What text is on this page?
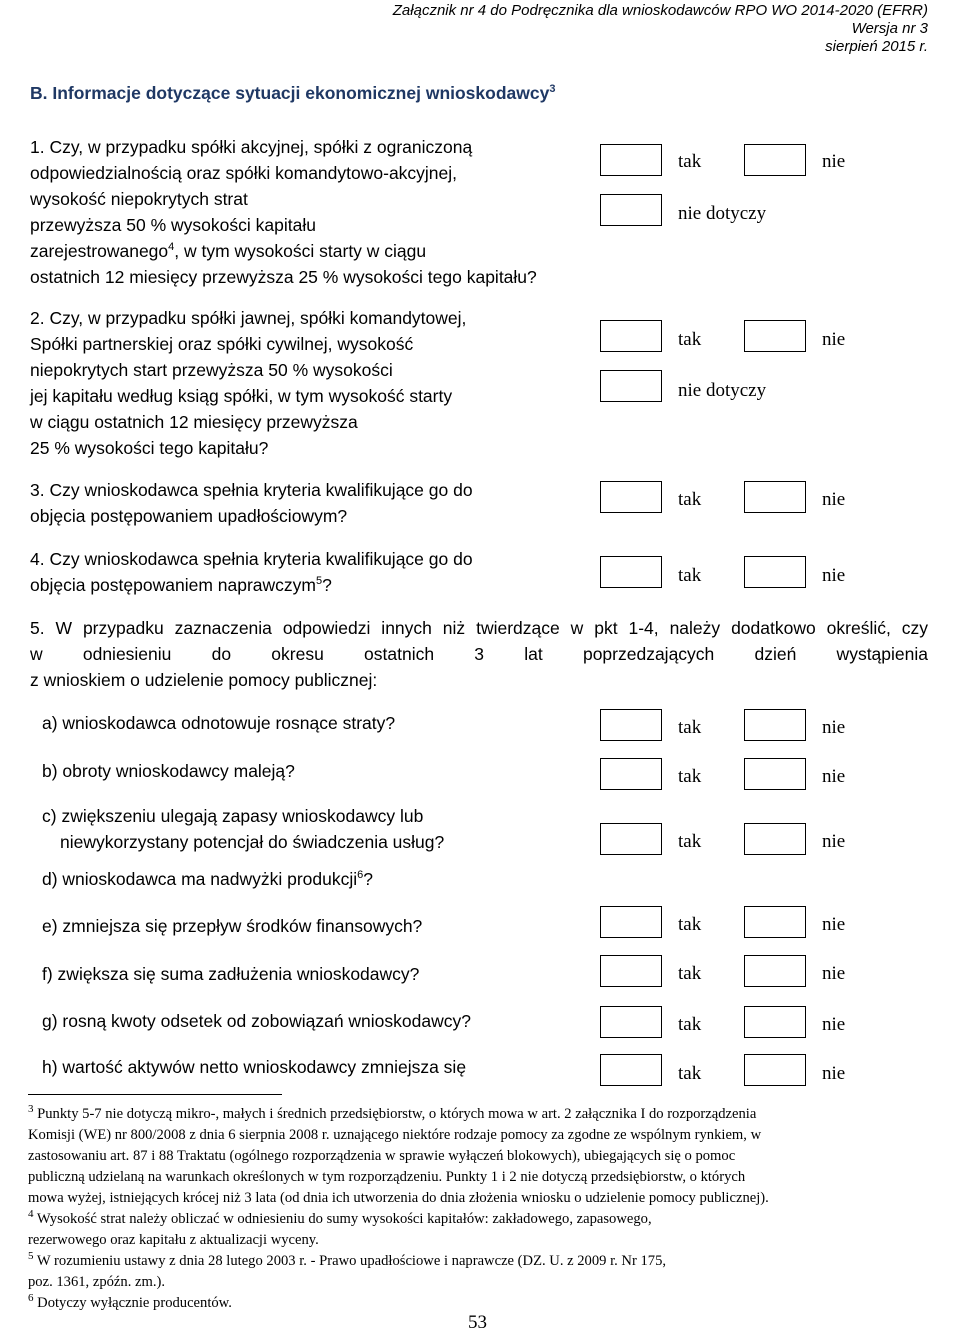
Załącznik nr 4 do Podręcznika dla wnioskodawców RPO WO 2014-2020 (EFRR)
Wersja nr 3
sierpień 2015 r.
B. Informacje dotyczące sytuacji ekonomicznej wnioskodawcy$^3$
1. Czy, w przypadku spółki akcyjnej, spółki z ograniczoną
odpowiedzialnością oraz spółki komandytowo-akcyjnej,
wysokość niepokrytych strat
przewyższa 50 % wysokości kapitału
zarejestrowanego$^4$, w tym wysokości starty w ciągu
ostatnich 12 miesięcy przewyższa 25 % wysokości tego kapitału?
tak	nie
nie dotyczy
2. Czy, w przypadku spółki jawnej, spółki komandytowej,
Spółki partnerskiej oraz spółki cywilnej, wysokość
niepokrytych start przewyższa 50 % wysokości
jej kapitału według ksiąg spółki, w tym wysokość starty
w ciągu ostatnich 12 miesięcy przewyższa
25 % wysokości tego kapitału?
tak	nie
nie dotyczy
3. Czy wnioskodawca spełnia kryteria kwalifikujące go do
objęcia postępowaniem upadłościowym?
tak	nie
4. Czy wnioskodawca spełnia kryteria kwalifikujące go do
objęcia postępowaniem naprawczym$^5$?	tak	nie
5. W przypadku zaznaczenia odpowiedzi innych niż twierdzące w pkt 1-4, należy dodatkowo określić, czy
w odniesieniu do okresu ostatnich 3 lat poprzedzających dzień wystąpienia
z wnioskiem o udzielenie pomocy publicznej:
a) wnioskodawca odnotowuje rosnące straty?	tak	nie
b) obroty wnioskodawcy maleją?	tak	nie
c) zwiększeniu ulegają zapasy wnioskodawcy lub
niewykorzystany potencjał do świadczenia usług?	tak	nie
d) wnioskodawca ma nadwyżki produkcji$^6$?
e) zmniejsza się przepływ środków finansowych?	tak	nie
f) zwiększa się suma zadłużenia wnioskodawcy?	tak	nie
g) rosną kwoty odsetek od zobowiązań wnioskodawcy?	tak	nie
h) wartość aktywów netto wnioskodawcy zmniejsza się	tak	nie
$^3$ Punkty 5-7 nie dotyczą mikro-, małych i średnich przedsiębiorstw, o których mowa w art. 2 załącznika I do rozporządzenia
Komisji (WE) nr 800/2008 z dnia 6 sierpnia 2008 r. uznającego niektóre rodzaje pomocy za zgodne ze wspólnym rynkiem, w
zastosowaniu art. 87 i 88 Traktatu (ogólnego rozporządzenia w sprawie wyłączeń blokowych), ubiegających się o pomoc
publiczną udzielaną na warunkach określonych w tym rozporządzeniu. Punkty 1 i 2 nie dotyczą przedsiębiorstw, o których
mowa wyżej, istniejących krócej niż 3 lata (od dnia ich utworzenia do dnia złożenia wniosku o udzielenie pomocy publicznej).
$^4$ Wysokość strat należy obliczać w odniesieniu do sumy wysokości kapitałów: zakładowego, zapasowego,
rezerwowego oraz kapitału z aktualizacji wyceny.
$^5$ W rozumieniu ustawy z dnia 28 lutego 2003 r. - Prawo upadłościowe i naprawcze (DZ. U. z 2009 r. Nr 175,
poz. 1361, zpóźn. zm.).
$^6$ Dotyczy wyłącznie producentów.
53
